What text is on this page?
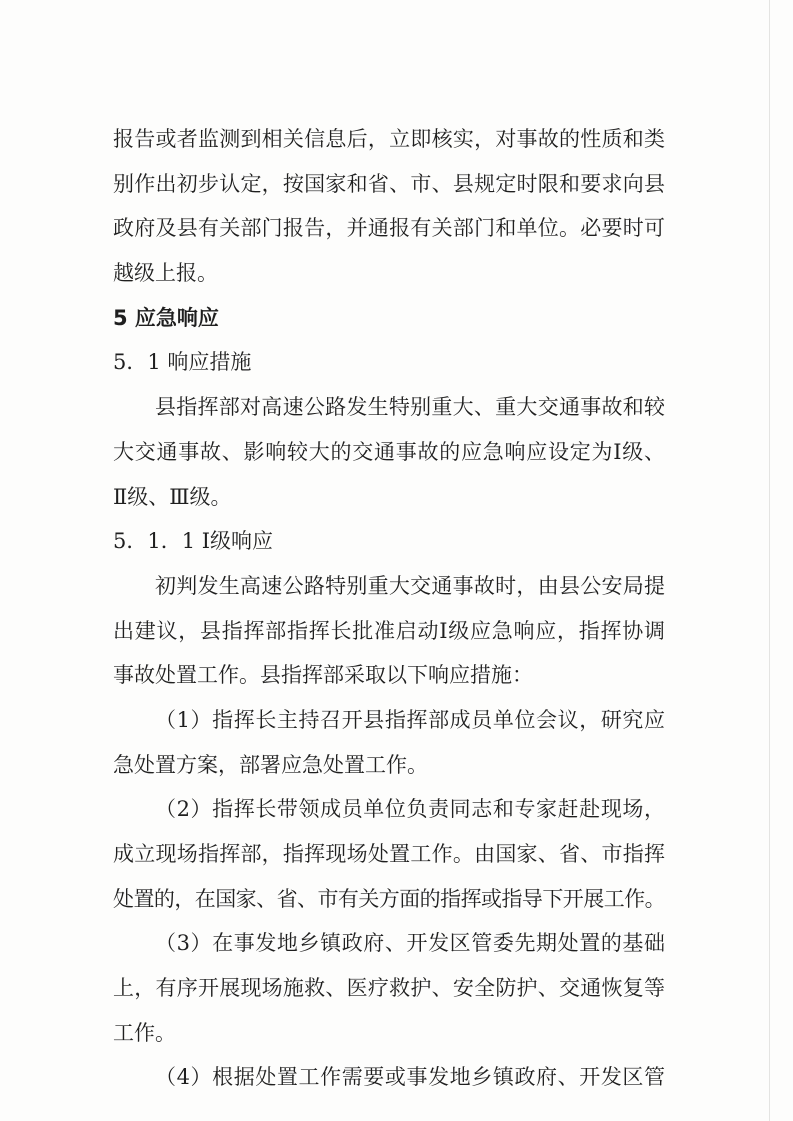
报告或者监测到相关信息后，立即核实，对事故的性质和类
别作出初步认定，按国家和省、市、县规定时限和要求向县
政府及县有关部门报告，并通报有关部门和单位。必要时可
越级上报。
5 应急响应
5．1 响应措施
县指挥部对高速公路发生特别重大、重大交通事故和较
大交通事故、影响较大的交通事故的应急响应设定为Ⅰ级、
Ⅱ级、Ⅲ级。
5．1．1 Ⅰ级响应
初判发生高速公路特别重大交通事故时，由县公安局提
出建议，县指挥部指挥长批准启动Ⅰ级应急响应，指挥协调
事故处置工作。县指挥部采取以下响应措施：
（1）指挥长主持召开县指挥部成员单位会议，研究应
急处置方案，部署应急处置工作。
（2）指挥长带领成员单位负责同志和专家赶赴现场，
成立现场指挥部，指挥现场处置工作。由国家、省、市指挥
处置的，在国家、省、市有关方面的指挥或指导下开展工作。
（3）在事发地乡镇政府、开发区管委先期处置的基础
上，有序开展现场施救、医疗救护、安全防护、交通恢复等
工作。
（4）根据处置工作需要或事发地乡镇政府、开发区管
